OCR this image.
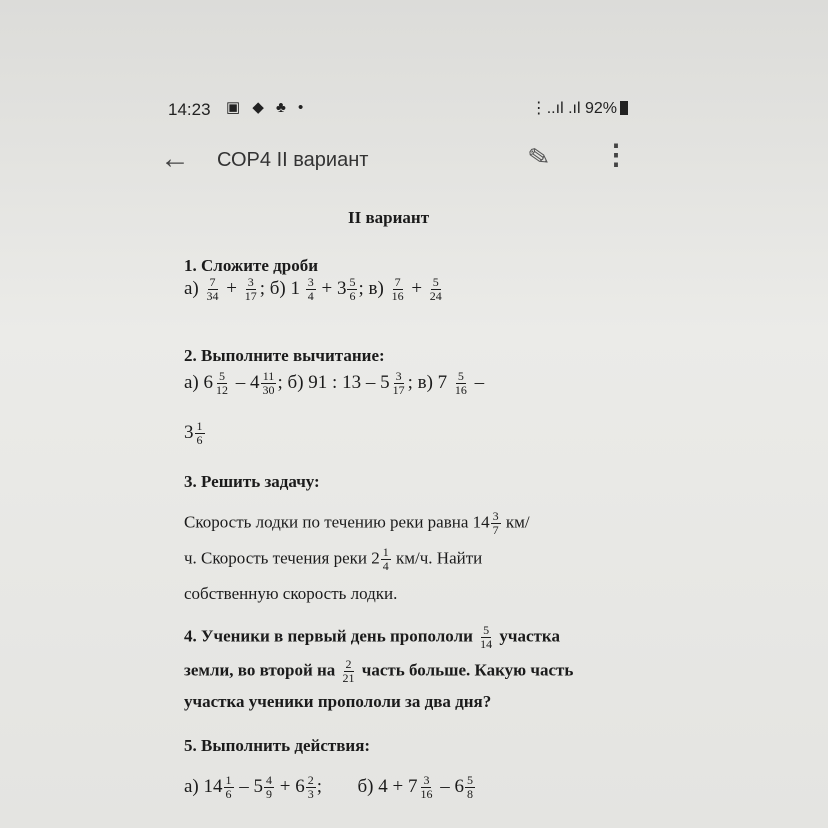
14:23 ▣ ◆ ♣ •	⋮..ıl .ıl 92%
← СОР4 II вариант	✎ ⋮
II вариант
1. Сложите дроби
$а) \frac{7}{34} + \frac{3}{17}$ ; б) $1 \frac{3}{4} + 3 \frac{5}{6}$ ; $в) \frac{7}{16} + \frac{5}{24}$
2. Выполните вычитание:
а) $6 \frac{5}{12} - 4 \frac{11}{30}$ ; б) 91 : $13 - 5 \frac{3}{17}$ ; в) $7 \frac{5}{16}$ –
$3 \frac{1}{6}$
3. Решить задачу:
Скорость лодки по течению реки равна $14 \frac{3}{7} км/$
ч. Скорость течения реки $2 \frac{1}{4} км/ч$. Найти
собственную скорость лодки.
4. Ученики в первый день пропололи $\frac{5}{14}$ участка
земли, во второй на $\frac{2}{21}$ часть больше. Какую часть
участка ученики пропололи за два дня?
5. Выполнить действия:
а) $14 \frac{1}{6} - 5 \frac{4}{9} + 6 \frac{2}{3}$ ; б) $4 + 7 \frac{3}{16} - 6 \frac{5}{8}$
